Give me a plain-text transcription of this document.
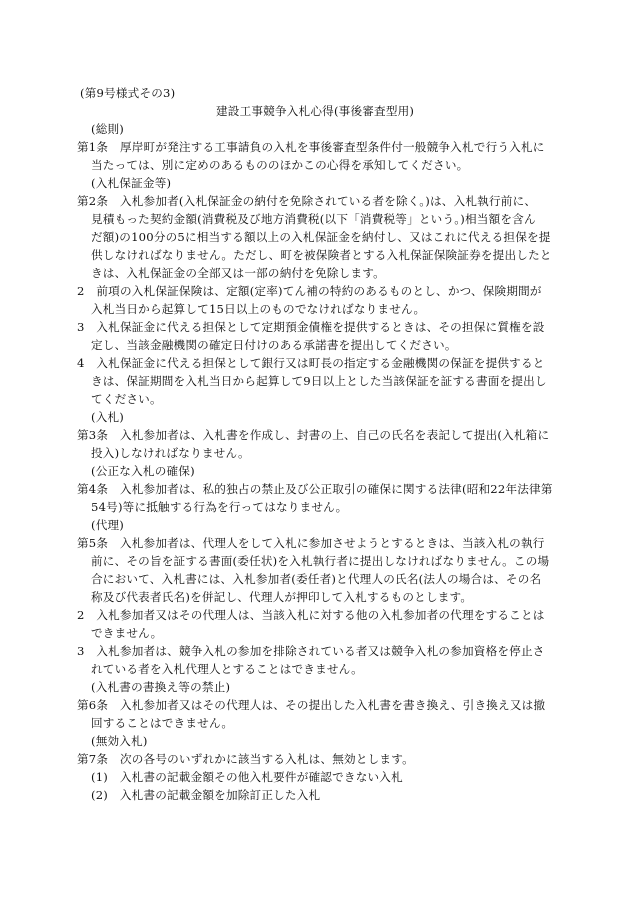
(第9号様式その3)
建設工事競争入札心得(事後審査型用)
(総則)
第1条　厚岸町が発注する工事請負の入札を事後審査型条件付一般競争入札で行う入札に
当たっては、別に定めのあるもののほかこの心得を承知してください。
(入札保証金等)
第2条　入札参加者(入札保証金の納付を免除されている者を除く。)は、入札執行前に、
見積もった契約金額(消費税及び地方消費税(以下「消費税等」という。)相当額を含ん
だ額)の100分の5に相当する額以上の入札保証金を納付し、又はこれに代える担保を提
供しなければなりません。ただし、町を被保険者とする入札保証保険証券を提出したと
きは、入札保証金の全部又は一部の納付を免除します。
2　前項の入札保証保険は、定額(定率)てん補の特約のあるものとし、かつ、保険期間が
入札当日から起算して15日以上のものでなければなりません。
3　入札保証金に代える担保として定期預金債権を提供するときは、その担保に質権を設
定し、当該金融機関の確定日付けのある承諾書を提出してください。
4　入札保証金に代える担保として銀行又は町長の指定する金融機関の保証を提供すると
きは、保証期間を入札当日から起算して9日以上とした当該保証を証する書面を提出し
てください。
(入札)
第3条　入札参加者は、入札書を作成し、封書の上、自己の氏名を表記して提出(入札箱に
投入)しなければなりません。
(公正な入札の確保)
第4条　入札参加者は、私的独占の禁止及び公正取引の確保に関する法律(昭和22年法律第
54号)等に抵触する行為を行ってはなりません。
(代理)
第5条　入札参加者は、代理人をして入札に参加させようとするときは、当該入札の執行
前に、その旨を証する書面(委任状)を入札執行者に提出しなければなりません。この場
合において、入札書には、入札参加者(委任者)と代理人の氏名(法人の場合は、その名
称及び代表者氏名)を併記し、代理人が押印して入札するものとします。
2　入札参加者又はその代理人は、当該入札に対する他の入札参加者の代理をすることは
できません。
3　入札参加者は、競争入札の参加を排除されている者又は競争入札の参加資格を停止さ
れている者を入札代理人とすることはできません。
(入札書の書換え等の禁止)
第6条　入札参加者又はその代理人は、その提出した入札書を書き換え、引き換え又は撤
回することはできません。
(無効入札)
第7条　次の各号のいずれかに該当する入札は、無効とします。
(1)　入札書の記載金額その他入札要件が確認できない入札
(2)　入札書の記載金額を加除訂正した入札
